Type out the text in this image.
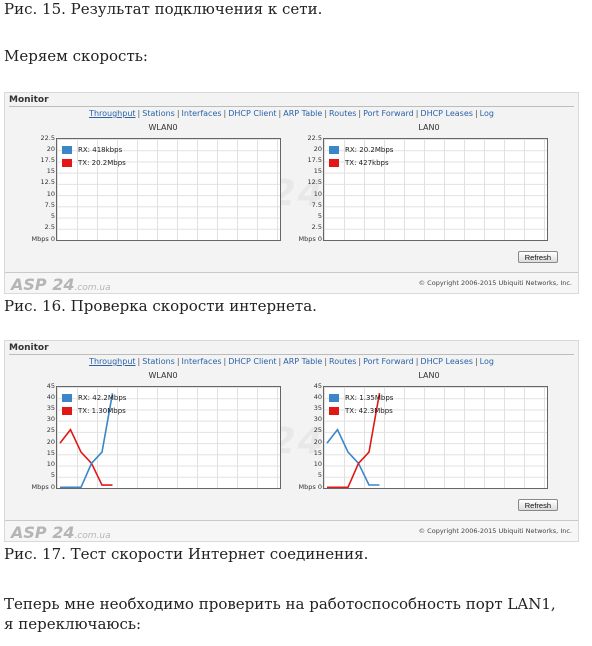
Рис. 15. Результат подключения к сети.
Меряем скорость:
Monitor
Throughput | Stations | Interfaces | DHCP Client | ARP Table | Routes | Port Forward | DHCP Leases | Log
WLAN0
22.5
20
17.5
15
12.5
10
7.5
5
2.5
Mbps 0
RX: 418kbps
TX: 20.2Mbps
LAN0
22.5
20
17.5
15
12.5
10
7.5
5
2.5
Mbps 0
RX: 20.2Mbps
TX: 427kbps
Refresh
ASP 24.com.ua	© Copyright 2006-2015 Ubiquiti Networks, Inc.
Рис. 16. Проверка скорости интернета.
Monitor
Throughput | Stations | Interfaces | DHCP Client | ARP Table | Routes | Port Forward | DHCP Leases | Log
WLAN0
45
40
35
30
25
20
15
10
5
Mbps 0
RX: 42.2Mbps
TX: 1.30Mbps
LAN0
45
40
35
30
25
20
15
10
5
Mbps 0
RX: 1.35Mbps
TX: 42.3Mbps
Refresh
ASP 24.com.ua	© Copyright 2006-2015 Ubiquiti Networks, Inc.
Рис. 17. Тест скорости Интернет соединения.
Теперь мне необходимо проверить на работоспособность порт LAN1, я переключаюсь:
